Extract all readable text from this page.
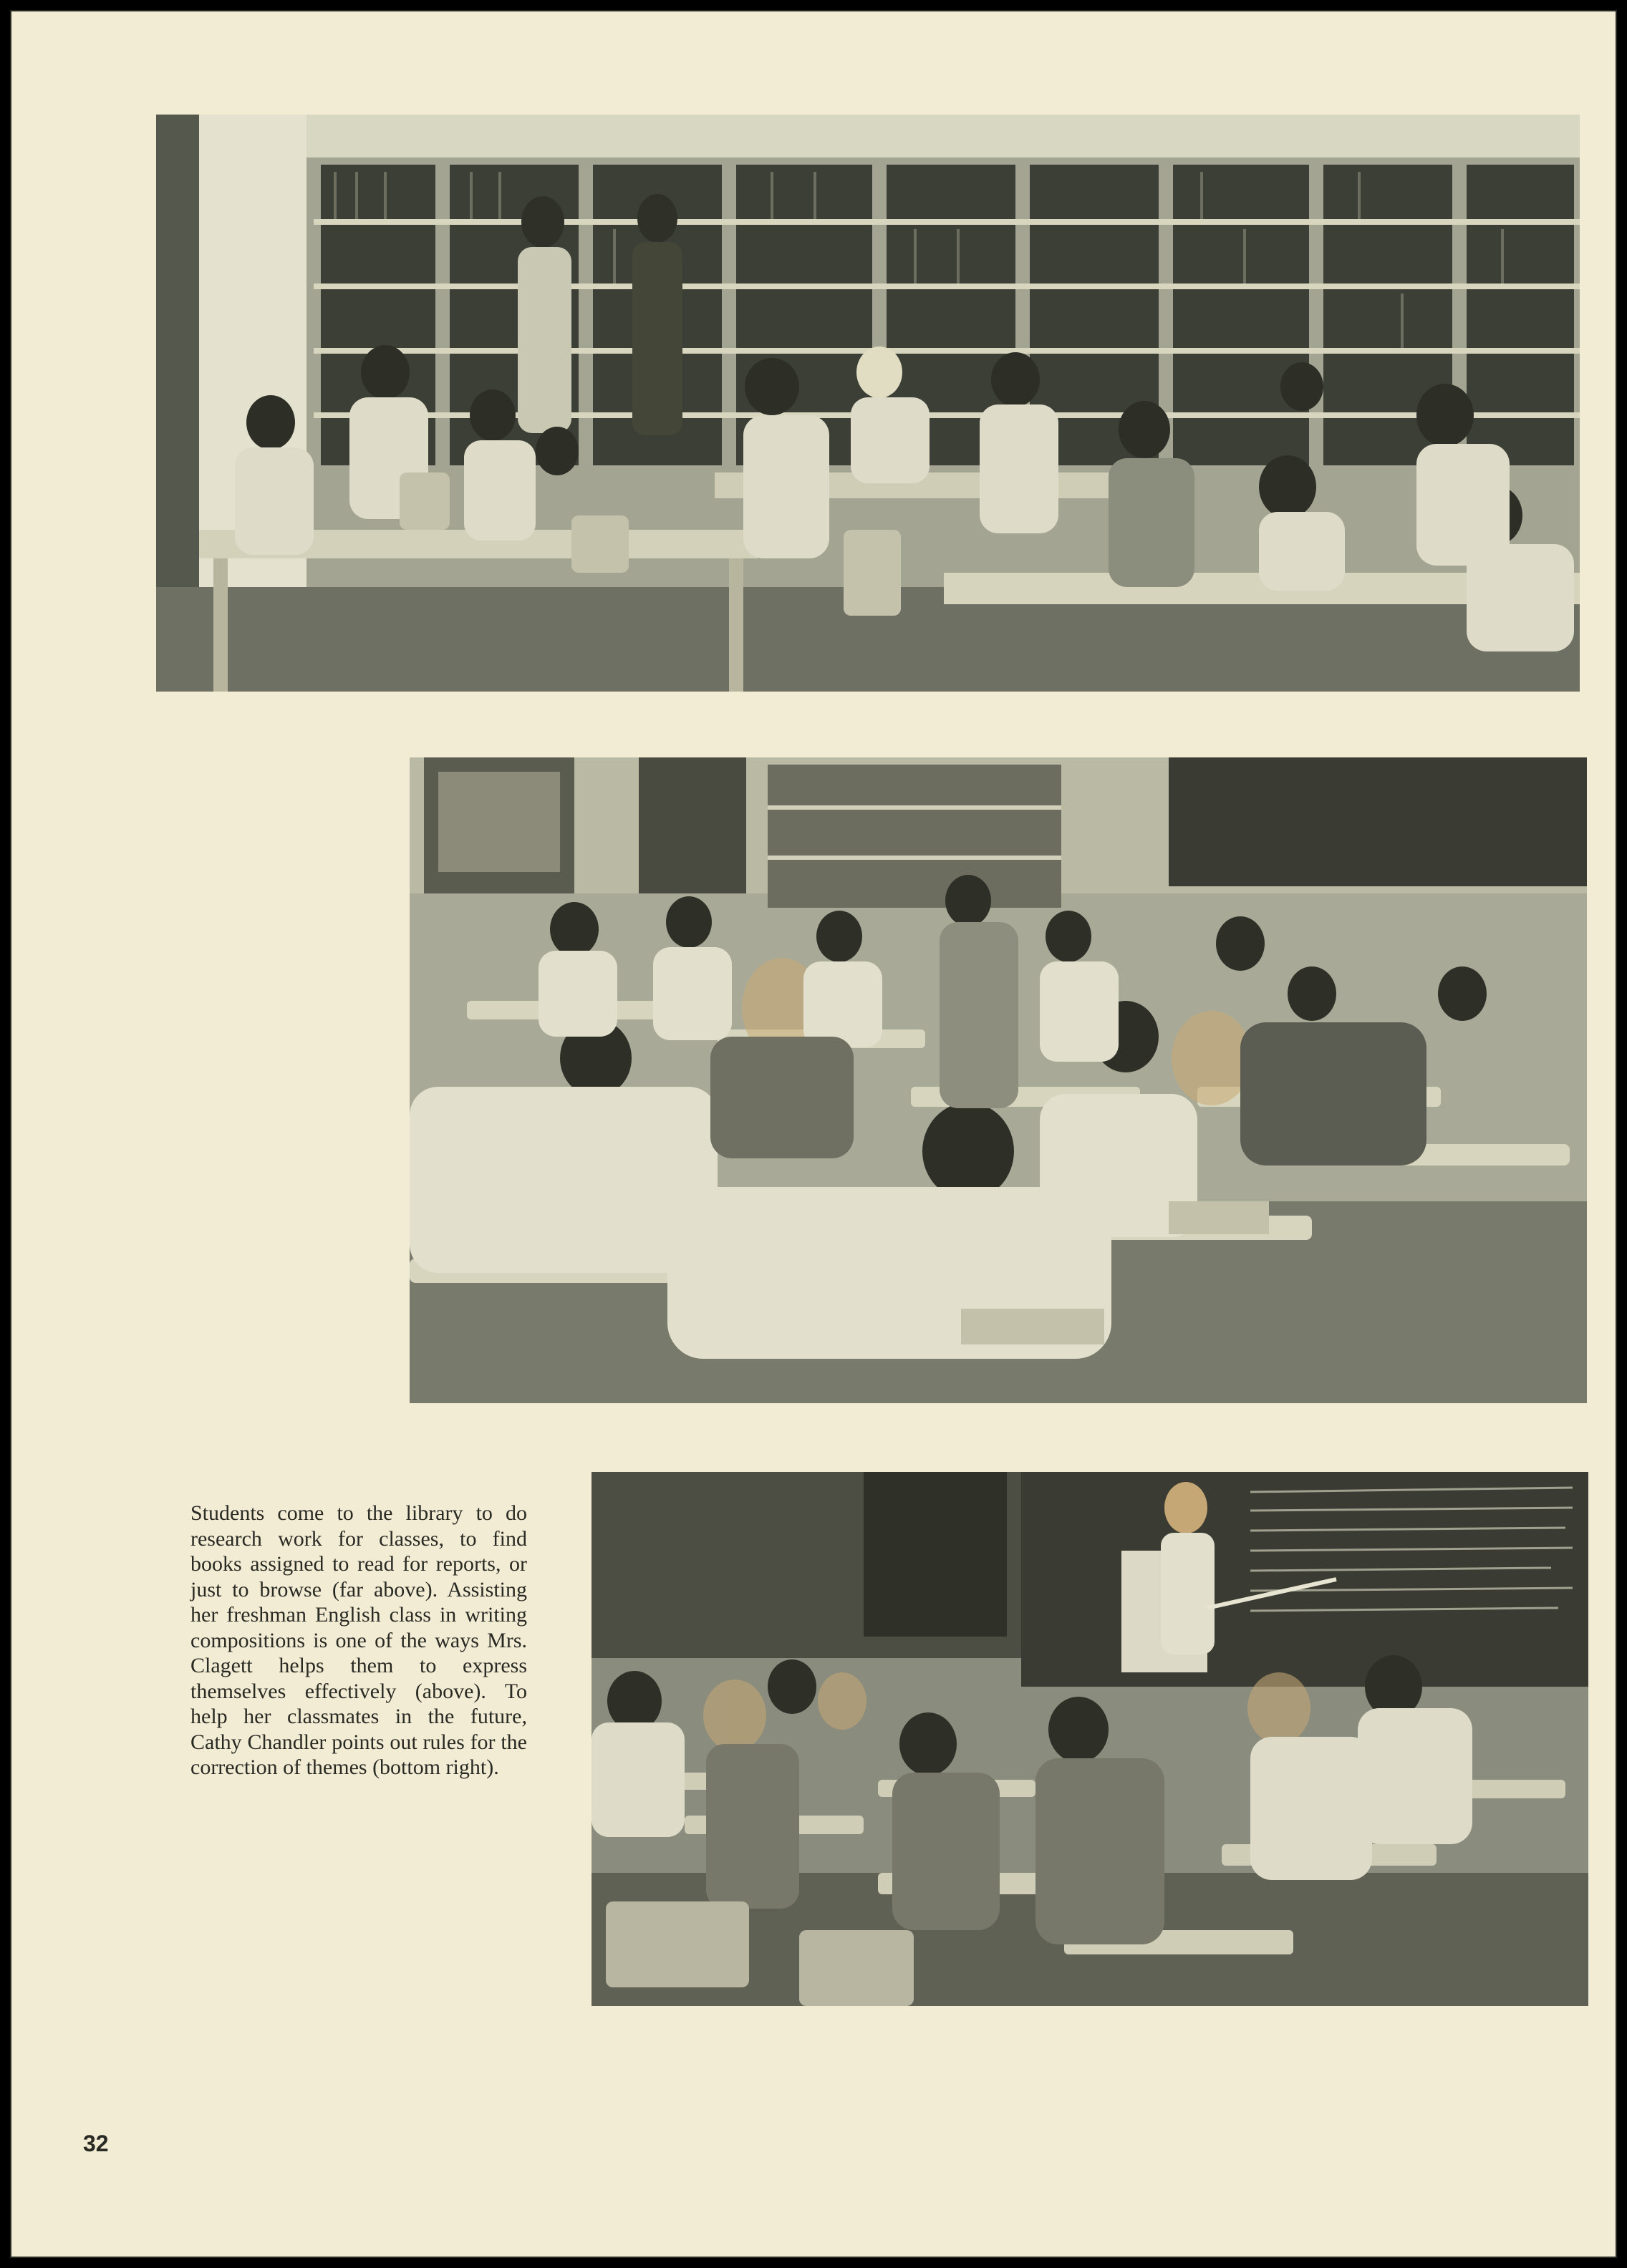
Students come to the library to do research work for classes, to find books assigned to read for reports, or just to browse (far above). Assisting her freshman English class in writing compositions is one of the ways Mrs. Clagett helps them to express themselves effectively (above). To help her classmates in the future, Cathy Chandler points out rules for the correction of themes (bottom right).

32
